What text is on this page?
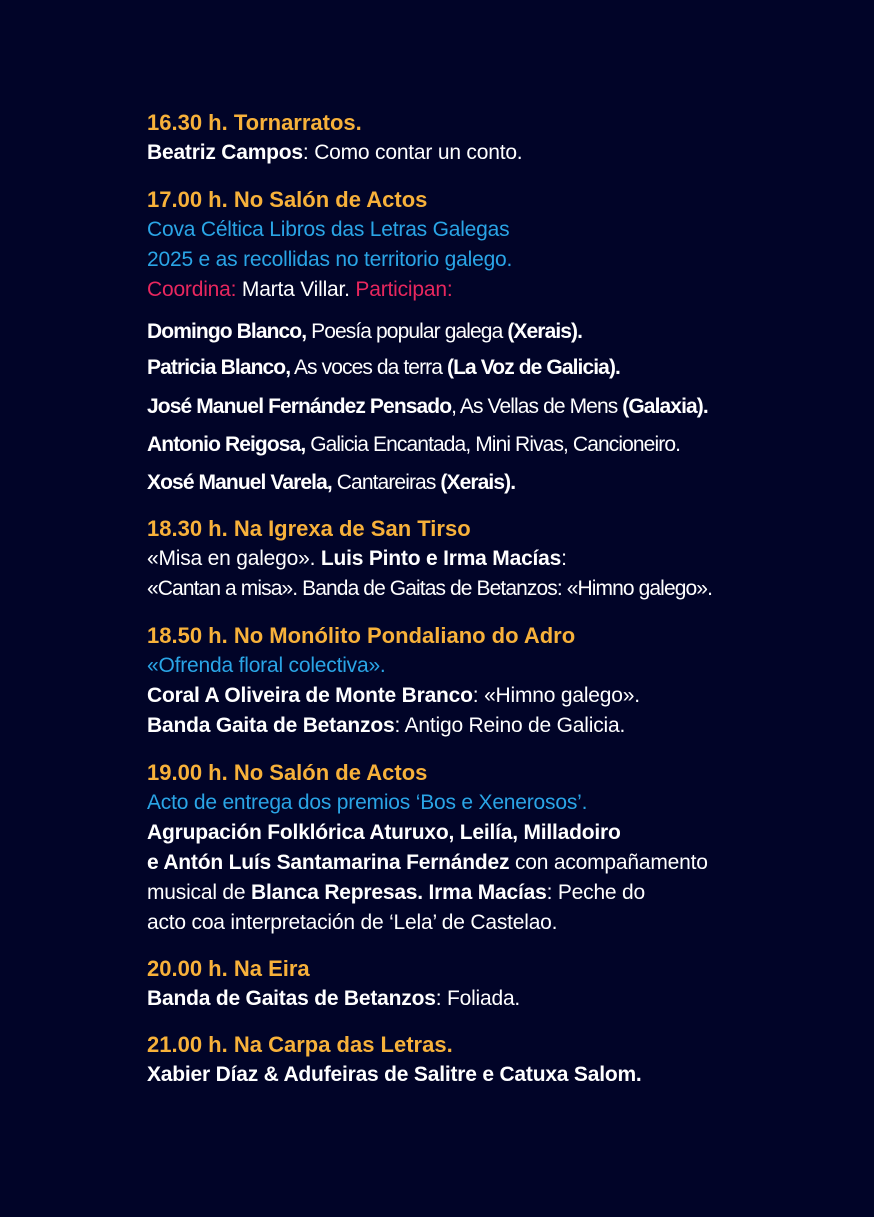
16.30 h. Tornarratos.
Beatriz Campos: Como contar un conto.
17.00 h. No Salón de Actos
Cova Céltica Libros das Letras Galegas
2025 e as recollidas no territorio galego.
Coordina: Marta Villar. Participan:
Domingo Blanco, Poesía popular galega (Xerais).
Patricia Blanco, As voces da terra (La Voz de Galicia).
José Manuel Fernández Pensado, As Vellas de Mens (Galaxia).
Antonio Reigosa, Galicia Encantada, Mini Rivas, Cancioneiro.
Xosé Manuel Varela, Cantareiras (Xerais).
18.30 h. Na Igrexa de San Tirso
«Misa en galego». Luis Pinto e Irma Macías:
«Cantan a misa». Banda de Gaitas de Betanzos: «Himno galego».
18.50 h. No Monólito Pondaliano do Adro
«Ofrenda floral colectiva».
Coral A Oliveira de Monte Branco: «Himno galego».
Banda Gaita de Betanzos: Antigo Reino de Galicia.
19.00 h. No Salón de Actos
Acto de entrega dos premios ‘Bos e Xenerosos’.
Agrupación Folklórica Aturuxo, Leilía, Milladoiro
e Antón Luís Santamarina Fernández con acompañamento
musical de Blanca Represas. Irma Macías: Peche do
acto coa interpretación de ‘Lela’ de Castelao.
20.00 h. Na Eira
Banda de Gaitas de Betanzos: Foliada.
21.00 h. Na Carpa das Letras.
Xabier Díaz & Adufeiras de Salitre e Catuxa Salom.
